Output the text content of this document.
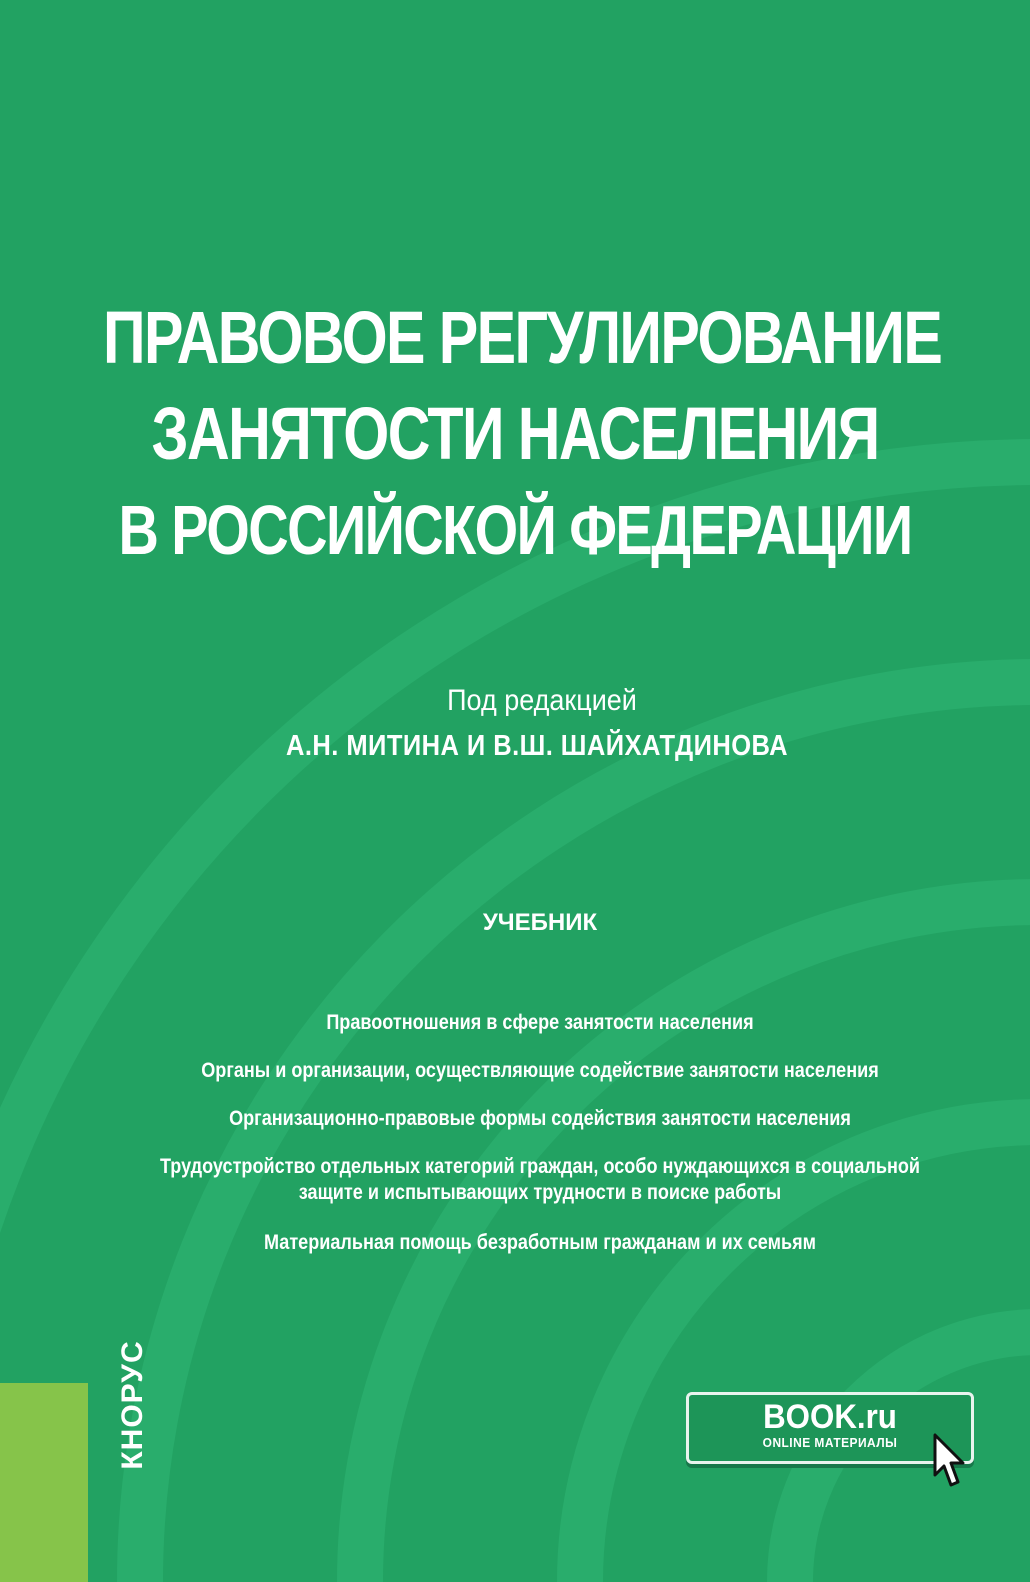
ПРАВОВОЕ РЕГУЛИРОВАНИЕ
ЗАНЯТОСТИ НАСЕЛЕНИЯ
В РОССИЙСКОЙ ФЕДЕРАЦИИ
Под редакцией
А.Н. МИТИНА И В.Ш. ШАЙХАТДИНОВА
УЧЕБНИК
Правоотношения в сфере занятости населения
Органы и организации, осуществляющие содействие занятости населения
Организационно-правовые формы содействия занятости населения
Трудоустройство отдельных категорий граждан, особо нуждающихся в социальной
защите и испытывающих трудности в поиске работы
Материальная помощь безработным гражданам и их семьям
КНОРУС	BOOK.ru
ONLINE МАТЕРИАЛЫ
